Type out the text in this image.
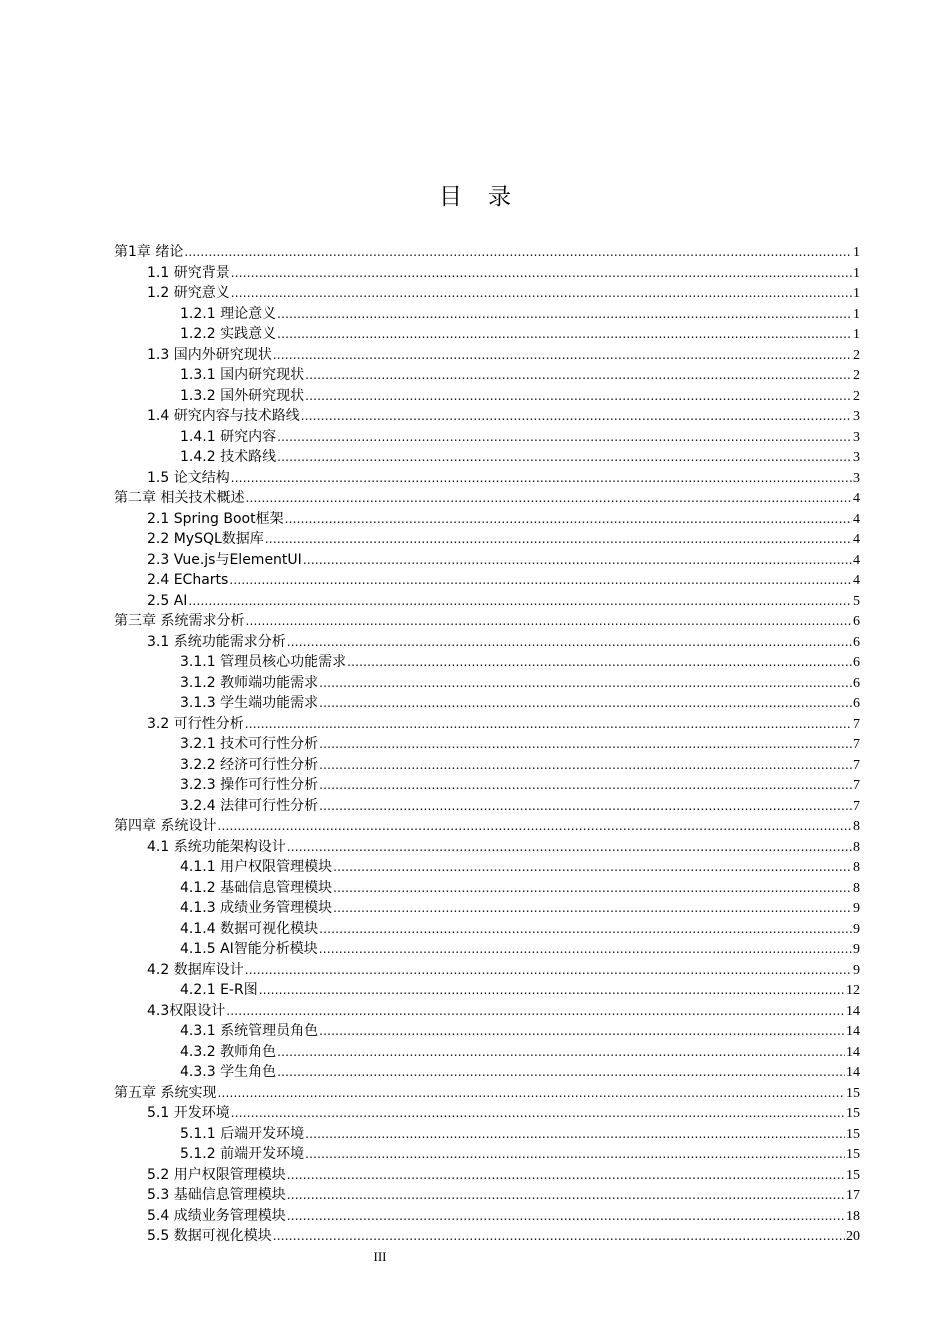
目录
第1章 绪论 .....	1
1.1 研究背景 .....	1
1.2 研究意义 .....	1
1.2.1 理论意义 .....	1
1.2.2 实践意义 .....	1
1.3 国内外研究现状 .....	2
1.3.1 国内研究现状 .....	2
1.3.2 国外研究现状 .....	2
1.4 研究内容与技术路线 .....	3
1.4.1 研究内容 .....	3
1.4.2 技术路线 .....	3
1.5 论文结构 .....	3
第二章 相关技术概述 .....	4
2.1 Spring Boot框架 .....	4
2.2 MySQL数据库 .....	4
2.3 Vue.js与ElementUI .....	4
2.4 ECharts .....	4
2.5 AI .....	5
第三章 系统需求分析 .....	6
3.1 系统功能需求分析 .....	6
3.1.1 管理员核心功能需求 .....	6
3.1.2 教师端功能需求 .....	6
3.1.3 学生端功能需求 .....	6
3.2 可行性分析 .....	7
3.2.1 技术可行性分析 .....	7
3.2.2 经济可行性分析 .....	7
3.2.3 操作可行性分析 .....	7
3.2.4 法律可行性分析 .....	7
第四章 系统设计 .....	8
4.1 系统功能架构设计 .....	8
4.1.1 用户权限管理模块 .....	8
4.1.2 基础信息管理模块 .....	8
4.1.3 成绩业务管理模块 .....	9
4.1.4 数据可视化模块 .....	9
4.1.5 AI智能分析模块 .....	9
4.2 数据库设计 .....	9
4.2.1 E-R图 .....	12
4.3权限设计 .....	14
4.3.1 系统管理员角色 .....	14
4.3.2 教师角色 .....	14
4.3.3 学生角色 .....	14
第五章 系统实现 .....	15
5.1 开发环境 .....	15
5.1.1 后端开发环境 .....	15
5.1.2 前端开发环境 .....	15
5.2 用户权限管理模块 .....	15
5.3 基础信息管理模块 .....	17
5.4 成绩业务管理模块 .....	18
5.5 数据可视化模块 .....	20
III
